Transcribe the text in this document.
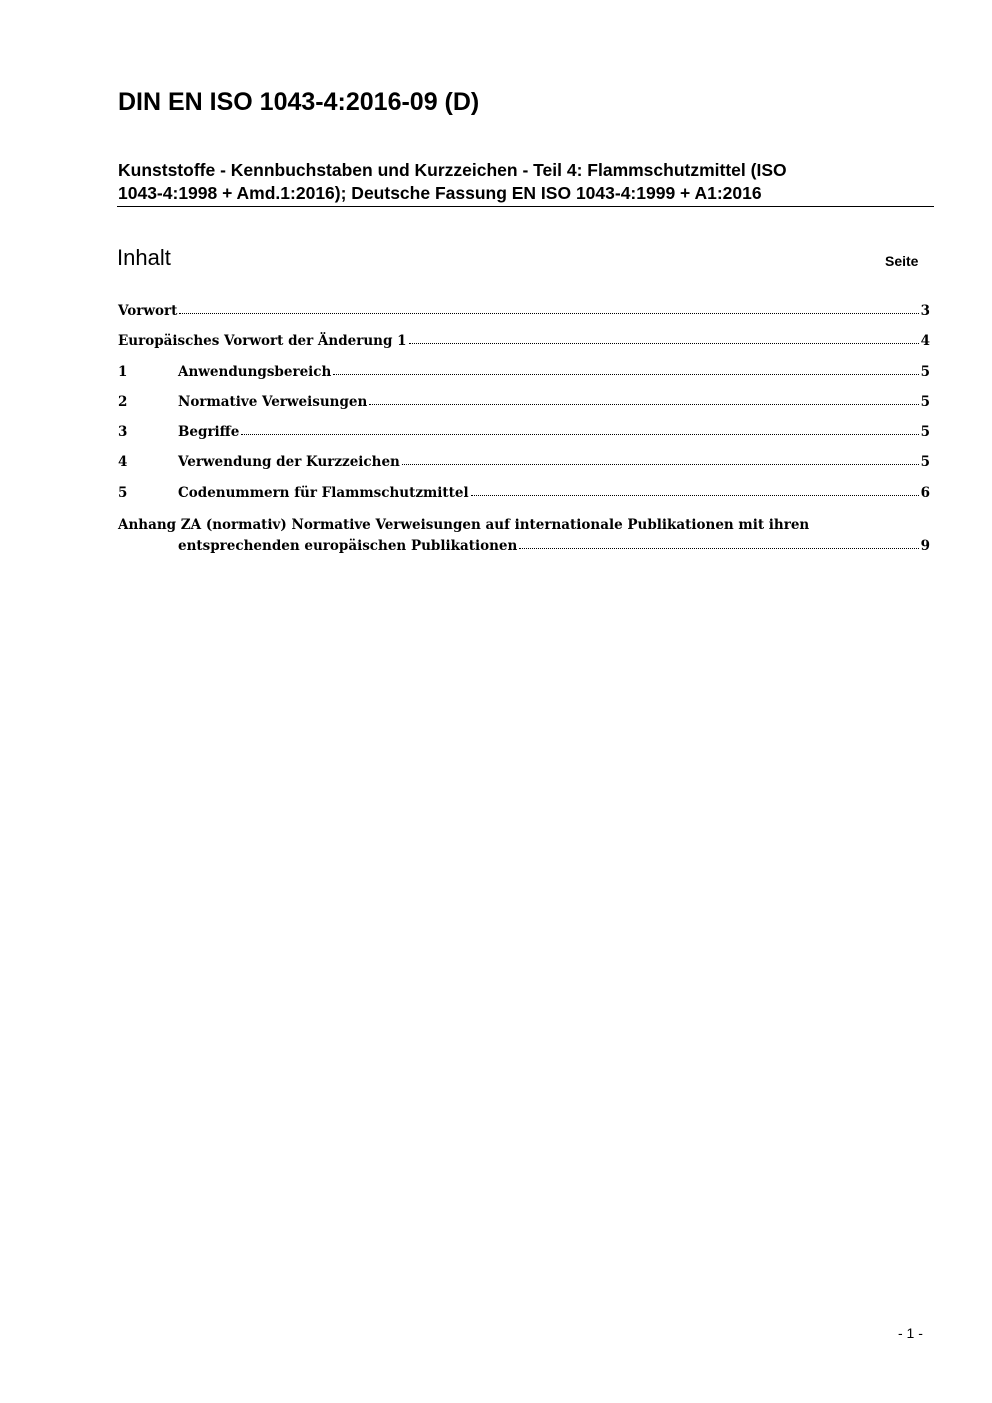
DIN EN ISO 1043-4:2016-09 (D)
Kunststoffe - Kennbuchstaben und Kurzzeichen - Teil 4: Flammschutzmittel (ISO
1043-4:1998 + Amd.1:2016); Deutsche Fassung EN ISO 1043-4:1999 + A1:2016
Inhalt	Seite
Vorwort	3
Europäisches Vorwort der Änderung 1	4
1	Anwendungsbereich	5
2	Normative Verweisungen	5
3	Begriffe	5
4	Verwendung der Kurzzeichen	5
5	Codenummern für Flammschutzmittel	6
Anhang ZA (normativ) Normative Verweisungen auf internationale Publikationen mit ihren
entsprechenden europäischen Publikationen	9
- 1 -
